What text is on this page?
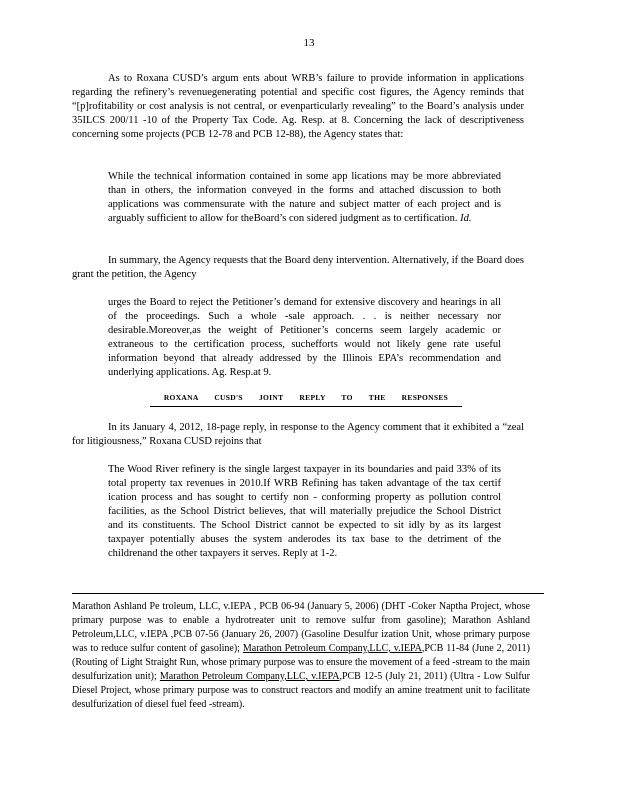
13

As to Roxana CUSD’s argum ents about WRB’s failure to provide information in applications regarding the refinery’s revenuegenerating potential and specific cost figures, the Agency reminds that “[p]rofitability or cost analysis is not central, or evenparticularly revealing” to the Board’s analysis under 35ILCS 200/11 -10 of the Property Tax Code. Ag. Resp. at 8. Concerning the lack of descriptiveness concerning some projects (PCB 12-78 and PCB 12-88), the Agency states that:

While the technical information contained in some app lications may be more abbreviated than in others, the information conveyed in the forms and attached discussion to both applications was commensurate with the nature and subject matter of each project and is arguably sufficient to allow for theBoard’s con sidered judgment as to certification. Id.

In summary, the Agency requests that the Board deny intervention. Alternatively, if the Board does grant the petition, the Agency

urges the Board to reject the Petitioner’s demand for extensive discovery and hearings in all of the proceedings. Such a whole -sale approach. . . is neither necessary nor desirable.Moreover,as the weight of Petitioner’s concerns seem largely academic or extraneous to the certification process, suchefforts would not likely gene rate useful information beyond that already addressed by the Illinois EPA’s recommendation and underlying applications. Ag. Resp.at 9.

ROXANA CUSD'S JOINT REPLY TO THE RESPONSES

In its January 4, 2012, 18-page reply, in response to the Agency comment that it exhibited a “zeal for litigiousness,” Roxana CUSD rejoins that

The Wood River refinery is the single largest taxpayer in its boundaries and paid 33% of its total property tax revenues in 2010.If WRB Refining has taken advantage of the tax certif ication process and has sought to certify non - conforming property as pollution control facilities, as the School District believes, that will materially prejudice the School District and its constituents. The School District cannot be expected to sit idly by as its largest taxpayer potentially abuses the system anderodes its tax base to the detriment of the childrenand the other taxpayers it serves. Reply at 1-2.

Marathon Ashland Pe troleum, LLC, v.IEPA , PCB 06-94 (January 5, 2006) (DHT -Coker Naptha Project, whose primary purpose was to enable a hydrotreater unit to remove sulfur from gasoline); Marathon Ashland Petroleum,LLC, v.IEPA ,PCB 07-56 (January 26, 2007) (Gasoline Desulfur ization Unit, whose primary purpose was to reduce sulfur content of gasoline); Marathon Petroleum Company,LLC, v.IEPA,PCB 11-84 (June 2, 2011) (Routing of Light Straight Run, whose primary purpose was to ensure the movement of a feed -stream to the main desulfurization unit); Marathon Petroleum Company,LLC, v.IEPA,PCB 12-5 (July 21, 2011) (Ultra - Low Sulfur Diesel Project, whose primary purpose was to construct reactors and modify an amine treatment unit to facilitate desulfurization of diesel fuel feed -stream).
